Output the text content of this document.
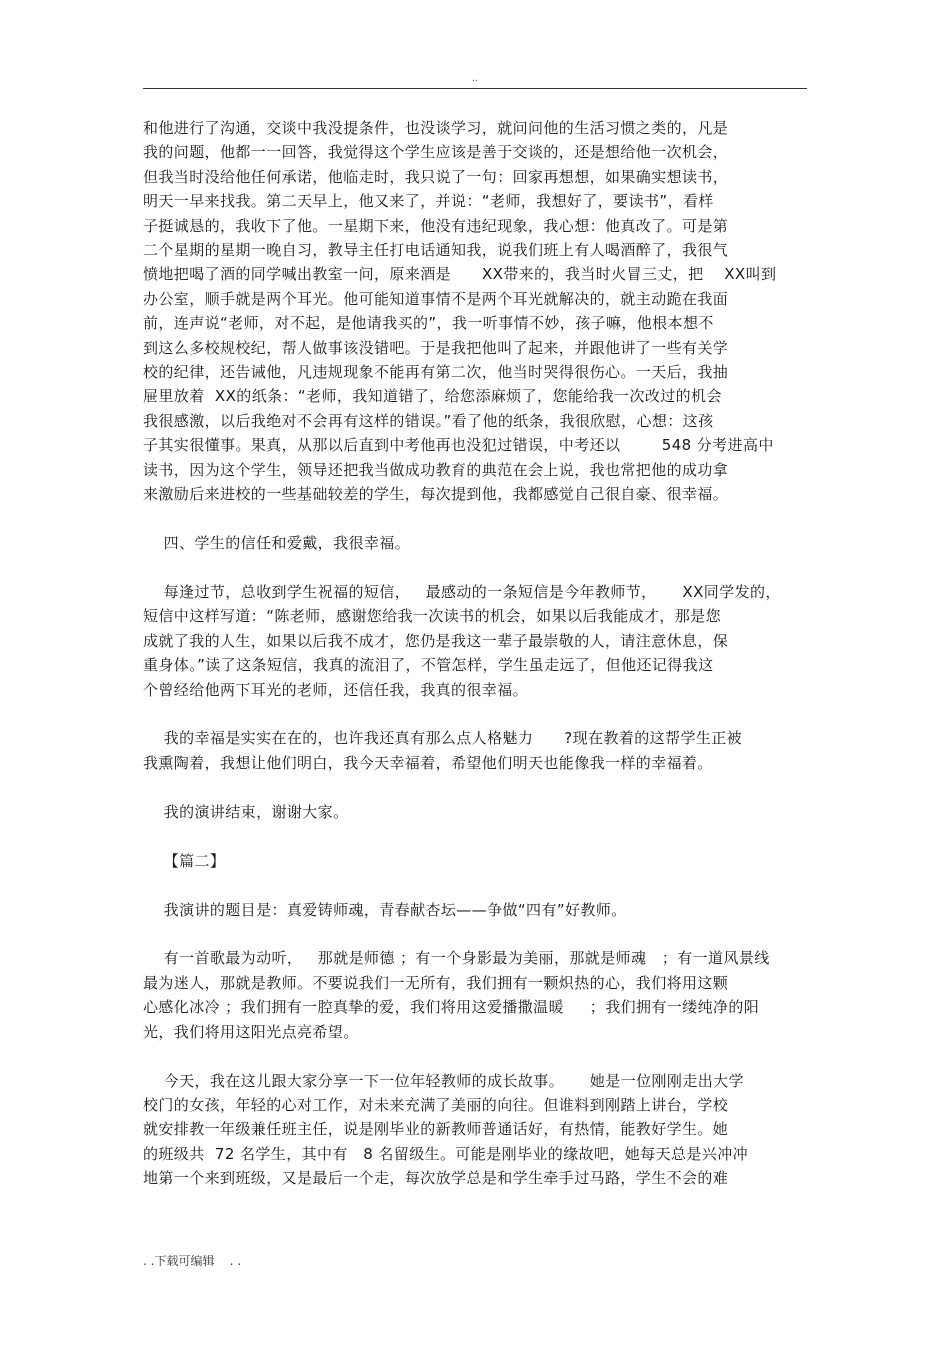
..
和他进行了沟通，交谈中我没提条件，也没谈学习，就问问他的生活习惯之类的，凡是
我的问题，他都一一回答，我觉得这个学生应该是善于交谈的，还是想给他一次机会，
但我当时没给他任何承诺，他临走时，我只说了一句：回家再想想，如果确实想读书，
明天一早来找我。第二天早上，他又来了，并说：“老师，我想好了，要读书”，看样
子挺诚恳的，我收下了他。一星期下来，他没有违纪现象，我心想：他真改了。可是第
二个星期的星期一晚自习，教导主任打电话通知我，说我们班上有人喝酒醉了，我很气
愤地把喝了酒的同学喊出教室一问，原来酒是      XX带来的，我当时火冒三丈，把    XX叫到
办公室，顺手就是两个耳光。他可能知道事情不是两个耳光就解决的，就主动跪在我面
前，连声说“老师，对不起，是他请我买的”，我一听事情不妙，孩子嘛，他根本想不
到这么多校规校纪，帮人做事该没错吧。于是我把他叫了起来，并跟他讲了一些有关学
校的纪律，还告诫他，凡违规现象不能再有第二次，他当时哭得很伤心。一天后，我抽
屉里放着  XX的纸条：“老师，我知道错了，给您添麻烦了，您能给我一次改过的机会
我很感激，以后我绝对不会再有这样的错误。”看了他的纸条，我很欣慰，心想：这孩
子其实很懂事。果真，从那以后直到中考他再也没犯过错误，中考还以        548 分考进高中
读书，因为这个学生，领导还把我当做成功教育的典范在会上说，我也常把他的成功拿
来激励后来进校的一些基础较差的学生，每次提到他，我都感觉自己很自豪、很幸福。
四、学生的信任和爱戴，我很幸福。
每逢过节，总收到学生祝福的短信，   最感动的一条短信是今年教师节，     XX同学发的，
短信中这样写道：“陈老师，感谢您给我一次读书的机会，如果以后我能成才，那是您
成就了我的人生，如果以后我不成才，您仍是我这一辈子最崇敬的人，请注意休息，保
重身体。”读了这条短信，我真的流泪了，不管怎样，学生虽走远了，但他还记得我这
个曾经给他两下耳光的老师，还信任我，我真的很幸福。
我的幸福是实实在在的，也许我还真有那么点人格魅力      ?现在教着的这帮学生正被
我熏陶着，我想让他们明白，我今天幸福着，希望他们明天也能像我一样的幸福着。
我的演讲结束，谢谢大家。
【篇二】
我演讲的题目是：真爱铸师魂，青春献杏坛——争做“四有”好教师。
有一首歌最为动听，   那就是师德 ；有一个身影最为美丽，那就是师魂   ；有一道风景线
最为迷人，那就是教师。不要说我们一无所有，我们拥有一颗炽热的心，我们将用这颗
心感化冰冷 ；我们拥有一腔真挚的爱，我们将用这爱播撒温暖     ；我们拥有一缕纯净的阳
光，我们将用这阳光点亮希望。
今天，我在这儿跟大家分享一下一位年轻教师的成长故事。     她是一位刚刚走出大学
校门的女孩，年轻的心对工作，对未来充满了美丽的向往。但谁料到刚踏上讲台，学校
就安排教一年级兼任班主任，说是刚毕业的新教师普通话好，有热情，能教好学生。她
的班级共  72 名学生，其中有   8 名留级生。可能是刚毕业的缘故吧，她每天总是兴冲冲
地第一个来到班级，又是最后一个走，每次放学总是和学生牵手过马路，学生不会的难
. .下载可编辑    . .
